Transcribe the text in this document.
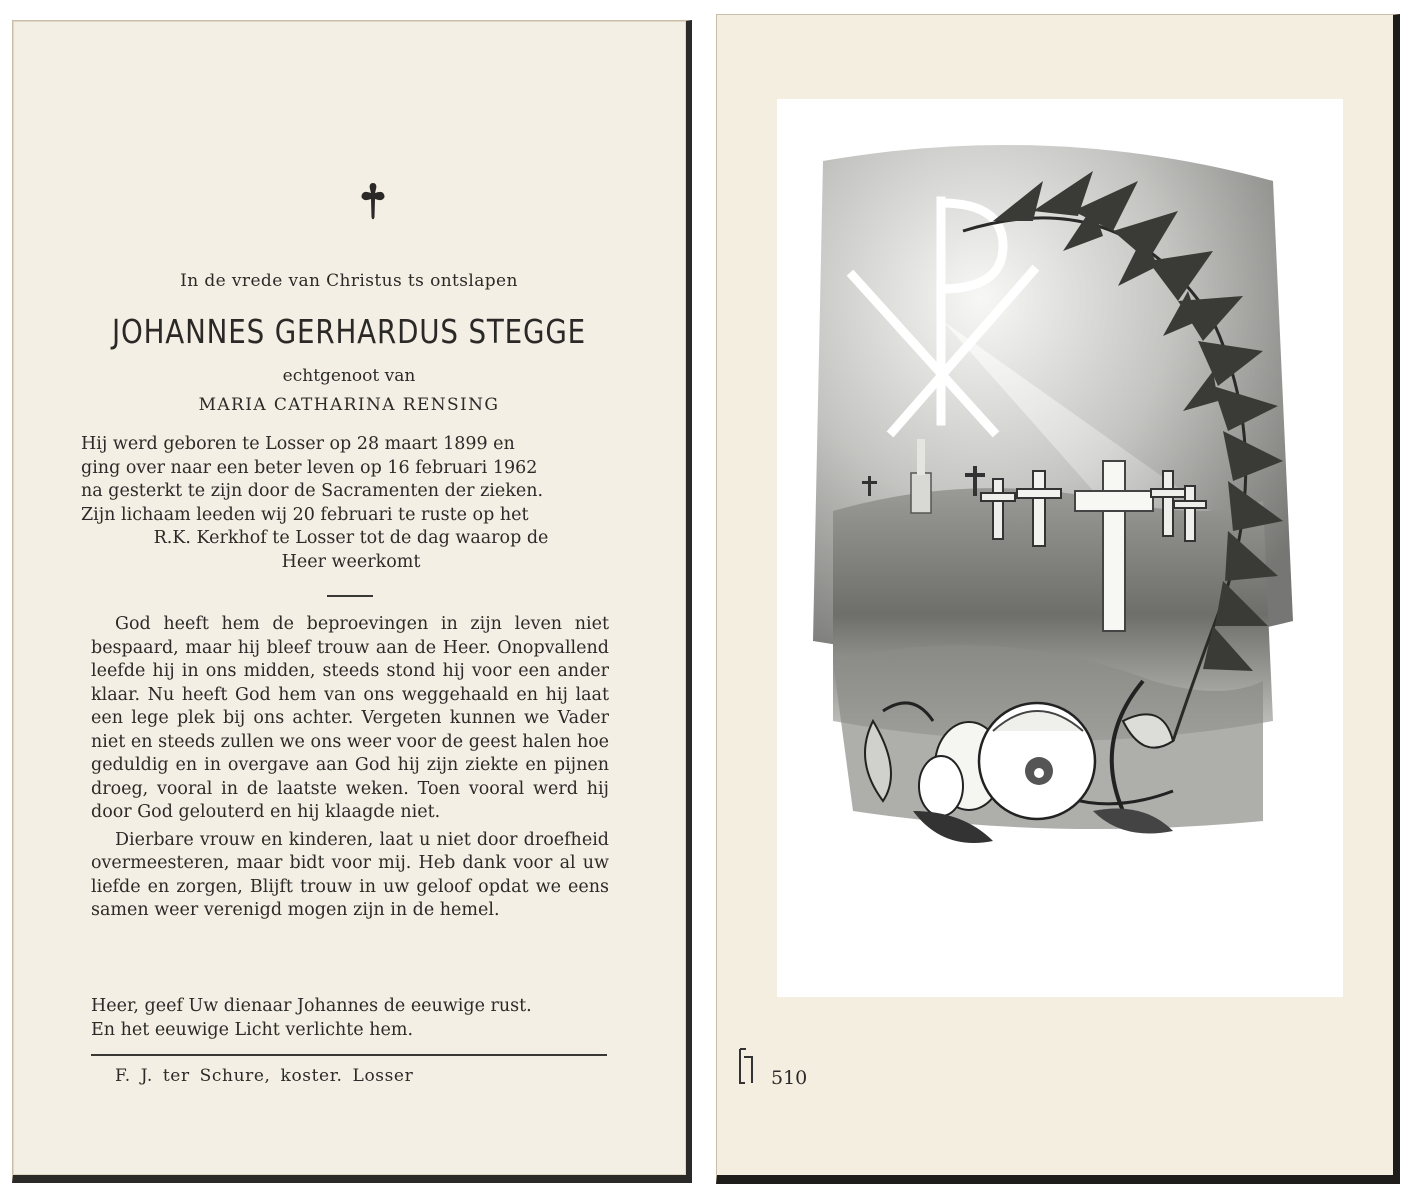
In de vrede van Christus ts ontslapen
JOHANNES GERHARDUS STEGGE
echtgenoot van
MARIA CATHARINA RENSING

Hij werd geboren te Losser op 28 maart 1899 en

ging over naar een beter leven op 16 februari 1962

na gesterkt te zijn door de Sacramenten der zieken.

Zijn lichaam leeden wij 20 februari te ruste op het

R.K. Kerkhof te Losser tot de dag waarop de

Heer weerkomt

God heeft hem de beproevingen in zijn leven niet bespaard, maar hij bleef trouw aan de Heer. Onopvallend leefde hij in ons midden, steeds stond hij voor een ander klaar. Nu heeft God hem van ons weggehaald en hij laat een lege plek bij ons achter. Vergeten kunnen we Vader niet en steeds zullen we ons weer voor de geest halen hoe geduldig en in overgave aan God hij zijn ziekte en pijnen droeg, vooral in de laatste weken. Toen vooral werd hij door God gelouterd en hij klaagde niet.

Dierbare vrouw en kinderen, laat u niet door droefheid overmeesteren, maar bidt voor mij. Heb dank voor al uw liefde en zorgen, Blijft trouw in uw geloof opdat we eens samen weer verenigd mogen zijn in de hemel.

Heer, geef Uw dienaar Johannes de eeuwige rust.
En het eeuwige Licht verlichte hem.
F. J. ter Schure, koster. Losser	510
